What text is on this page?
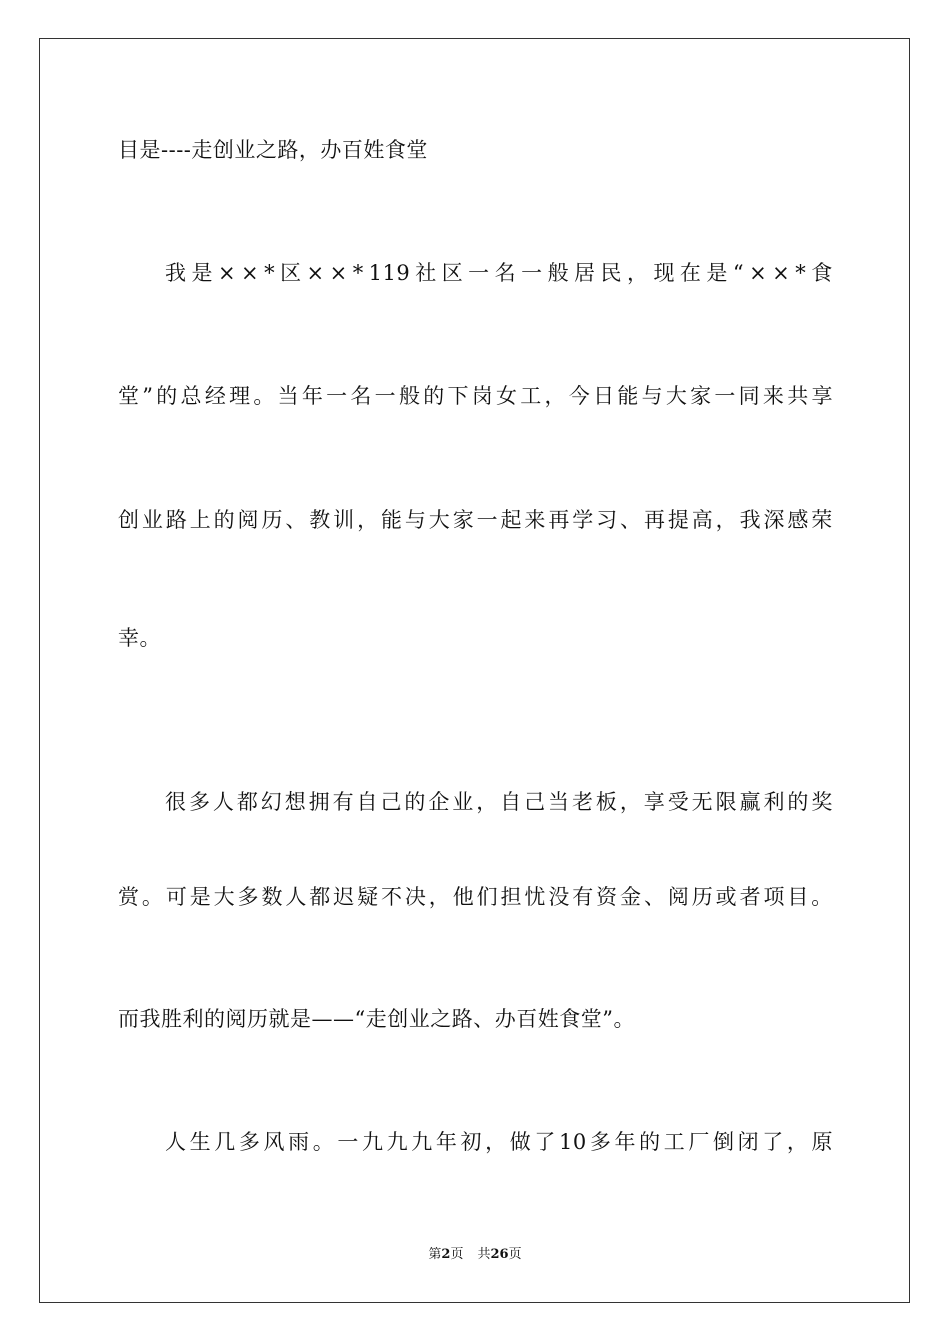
目是----走创业之路，办百姓食堂
我 是 × × * 区 × × * 119 社 区 一 名 一 般 居 民 ， 现 在 是 “ × × * 食
堂 ” 的 总 经 理 。 当 年 一 名 一 般 的 下 岗 女 工 ， 今 日 能 与 大 家 一 同 来 共 享
创 业 路 上 的 阅 历 、 教 训 ， 能 与 大 家 一 起 来 再 学 习 、 再 提 高 ， 我 深 感 荣
幸。
很 多 人 都 幻 想 拥 有 自 己 的 企 业 ， 自 己 当 老 板 ， 享 受 无 限 赢 利 的 奖
赏 。 可 是 大 多 数 人 都 迟 疑 不 决 ， 他 们 担 忧 没 有 资 金 、 阅 历 或 者 项 目 。
而我胜利的阅历就是——“走创业之路、办百姓食堂”。
人 生 几 多 风 雨 。 一 九 九 九 年 初 ， 做 了 10 多 年 的 工 厂 倒 闭 了 ， 原
第2页 共26页
